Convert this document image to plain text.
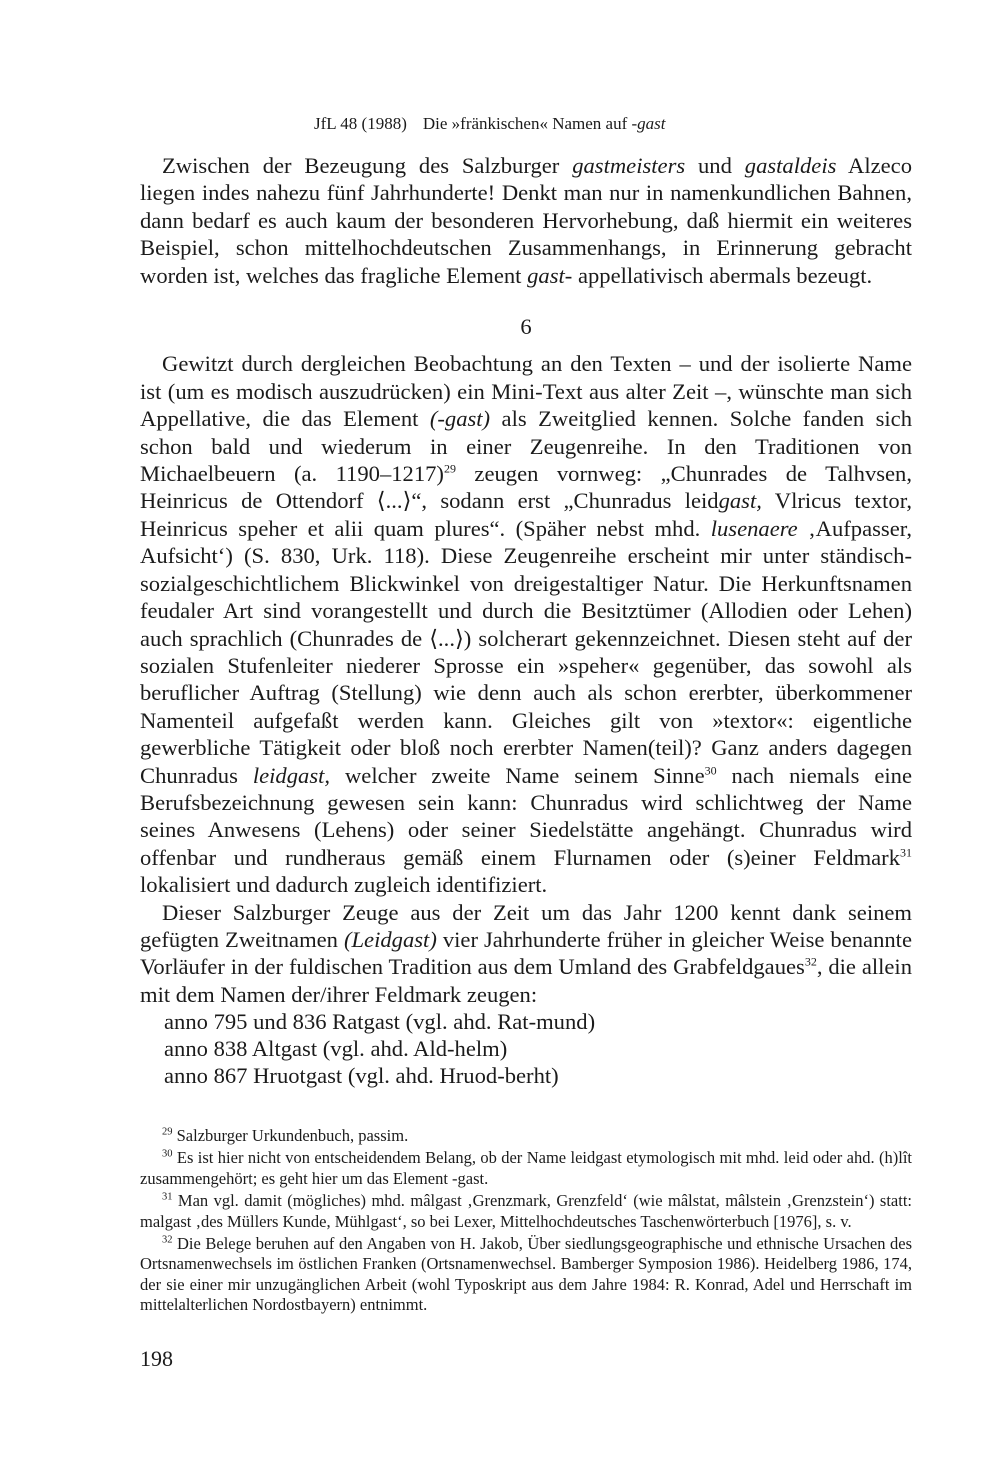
JfL 48 (1988) Die »fränkischen« Namen auf -gast

Zwischen der Bezeugung des Salzburger gastmeisters und gastaldeis Alzeco liegen indes nahezu fünf Jahrhunderte! Denkt man nur in namenkundlichen Bahnen, dann bedarf es auch kaum der besonderen Hervorhebung, daß hiermit ein weiteres Beispiel, schon mittelhochdeutschen Zusammenhangs, in Erinnerung gebracht worden ist, welches das fragliche Element gast- appellativisch abermals bezeugt.

6

Gewitzt durch dergleichen Beobachtung an den Texten – und der isolierte Name ist (um es modisch auszudrücken) ein Mini-Text aus alter Zeit –, wünschte man sich Appellative, die das Element (-gast) als Zweitglied kennen. Solche fanden sich schon bald und wiederum in einer Zeugenreihe. In den Traditionen von Michaelbeuern (a. 1190–1217)$^{29}$ zeugen vornweg: „Chunrades de Talhvsen, Heinricus de Ottendorf ⟨...⟩“, sodann erst „Chunradus leidgast, Vlricus textor, Heinricus speher et alii quam plures“. (Späher nebst mhd. lusenaere ‚Aufpasser, Aufsicht‘) (S. 830, Urk. 118). Diese Zeugenreihe erscheint mir unter ständisch-sozialgeschichtlichem Blickwinkel von dreigestaltiger Natur. Die Herkunftsnamen feudaler Art sind vorangestellt und durch die Besitztümer (Allodien oder Lehen) auch sprachlich (Chunrades de ⟨...⟩) solcherart gekennzeichnet. Diesen steht auf der sozialen Stufenleiter niederer Sprosse ein »speher« gegenüber, das sowohl als beruflicher Auftrag (Stellung) wie denn auch als schon ererbter, überkommener Namenteil aufgefaßt werden kann. Gleiches gilt von »textor«: eigentliche gewerbliche Tätigkeit oder bloß noch ererbter Namen(teil)? Ganz anders dagegen Chunradus leidgast, welcher zweite Name seinem Sinne$^{30}$ nach niemals eine Berufsbezeichnung gewesen sein kann: Chunradus wird schlichtweg der Name seines Anwesens (Lehens) oder seiner Siedelstätte angehängt. Chunradus wird offenbar und rundheraus gemäß einem Flurnamen oder (s)einer Feldmark$^{31}$ lokalisiert und dadurch zugleich identifiziert.

Dieser Salzburger Zeuge aus der Zeit um das Jahr 1200 kennt dank seinem gefügten Zweitnamen (Leidgast) vier Jahrhunderte früher in gleicher Weise benannte Vorläufer in der fuldischen Tradition aus dem Umland des Grabfeldgaues$^{32}$, die allein mit dem Namen der/ihrer Feldmark zeugen:

anno 795 und 836 Ratgast (vgl. ahd. Rat-mund)
anno 838 Altgast (vgl. ahd. Ald-helm)
anno 867 Hruotgast (vgl. ahd. Hruod-berht)

$^{29}$ Salzburger Urkundenbuch, passim.

$^{30}$ Es ist hier nicht von entscheidendem Belang, ob der Name leidgast etymologisch mit mhd. leid oder ahd. (h)lît zusammengehört; es geht hier um das Element -gast.

$^{31}$ Man vgl. damit (mögliches) mhd. mâlgast ‚Grenzmark, Grenzfeld‘ (wie mâlstat, mâlstein ‚Grenzstein‘) statt: malgast ‚des Müllers Kunde, Mühlgast‘, so bei Lexer, Mittelhochdeutsches Taschenwörterbuch [1976], s. v.

$^{32}$ Die Belege beruhen auf den Angaben von H. Jakob, Über siedlungsgeographische und ethnische Ursachen des Ortsnamenwechsels im östlichen Franken (Ortsnamenwechsel. Bamberger Symposion 1986). Heidelberg 1986, 174, der sie einer mir unzugänglichen Arbeit (wohl Typoskript aus dem Jahre 1984: R. Konrad, Adel und Herrschaft im mittelalterlichen Nordostbayern) entnimmt.

198
